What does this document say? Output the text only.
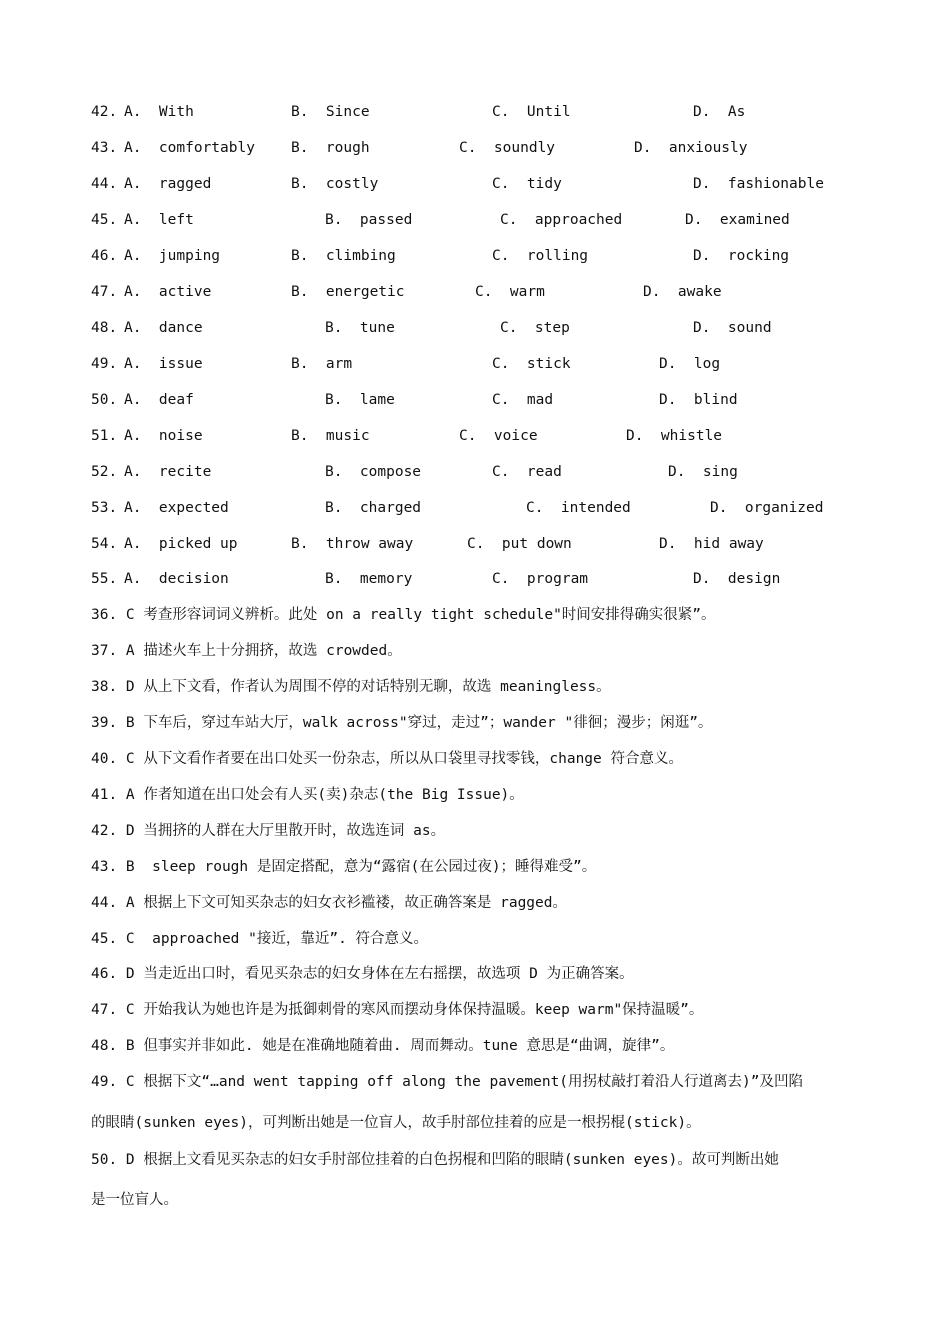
42.

A.  With

	B.  Since

	C.  Until

	D.  As

43.

A.  comfortably

B.  rough

	C.  soundly

	D.  anxiously

44.

A.  ragged

	B.  costly

	C.  tidy

	D.  fashionable

45.

A.  left

	B.  passed

	C.  approached

	D.  examined

46.

A.  jumping

	B.  climbing

	C.  rolling

	D.  rocking

47.

A.  active

	B.  energetic

	C.  warm

	D.  awake

48.

A.  dance

	B.  tune

	C.  step

	D.  sound

49.

A.  issue

	B.  arm

	C.  stick

	D.  log

50.

A.  deaf

	B.  lame

	C.  mad

	D.  blind

51.

A.  noise

	B.  music

	C.  voice

	D.  whistle

52.

A.  recite

	B.  compose

	C.  read

	D.  sing

53.

A.  expected

	B.  charged

	C.  intended

	D.  organized

54.

A.  picked up

	B.  throw away

	C.  put down

	D.  hid away

55.

A.  decision

	B.  memory

	C.  program

	D.  design

36. C 考查形容词词义辨析。此处 on a really tight schedule"时间安排得确实很紧”。
37. A 描述火车上十分拥挤，故选 crowded。
38. D 从上下文看，作者认为周围不停的对话特别无聊，故选 meaningless。
39. B 下车后，穿过车站大厅，walk across"穿过，走过”；wander "徘徊；漫步；闲逛”。
40. C 从下文看作者要在出口处买一份杂志，所以从口袋里寻找零钱，change 符合意义。
41. A 作者知道在出口处会有人买(卖)杂志(the Big Issue)。
42. D 当拥挤的人群在大厅里散开时，故选连词 as。
43. B  sleep rough 是固定搭配，意为“露宿(在公园过夜)；睡得难受”。
44. A 根据上下文可知买杂志的妇女衣衫褴褛，故正确答案是 ragged。
45. C  approached "接近，靠近”. 符合意义。
46. D 当走近出口时，看见买杂志的妇女身体在左右摇摆，故选项 D 为正确答案。
47. C 开始我认为她也许是为抵御刺骨的寒风而摆动身体保持温暖。keep warm"保持温暖”。
48. B 但事实并非如此. 她是在准确地随着曲. 周而舞动。tune 意思是“曲调，旋律”。
49. C 根据下文“…and went tapping off along the pavement(用拐杖敲打着沿人行道离去)”及凹陷
的眼睛(sunken eyes)，可判断出她是一位盲人，故手肘部位挂着的应是一根拐棍(stick)。
50. D 根据上文看见买杂志的妇女手肘部位挂着的白色拐棍和凹陷的眼睛(sunken eyes)。故可判断出她
是一位盲人。
